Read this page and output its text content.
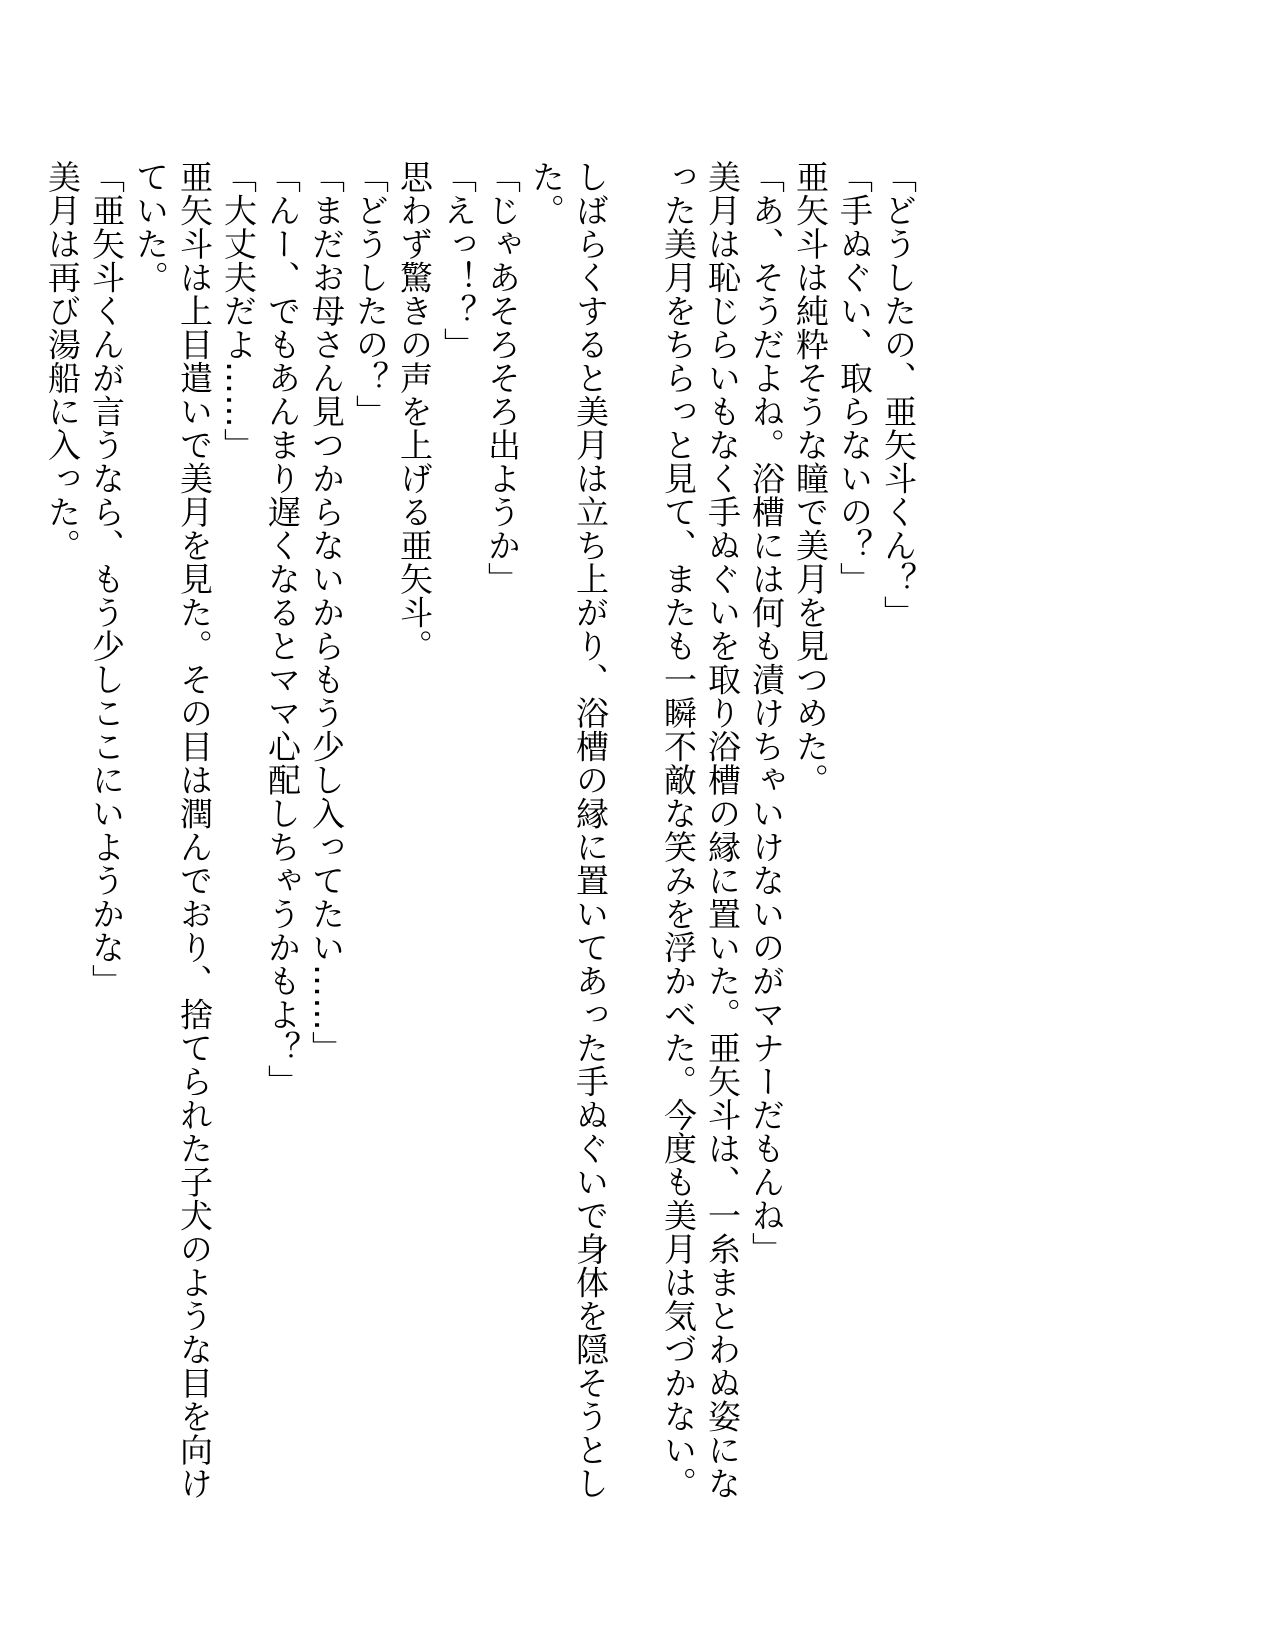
「どうしたの、亜矢斗くん？」
「手ぬぐい、取らないの？」
亜矢斗は純粋そうな瞳で美月を見つめた。
「あ、そうだよね。浴槽には何も漬けちゃいけないのがマナーだもんね」
美月は恥じらいもなく手ぬぐいを取り浴槽の縁に置いた。亜矢斗は、一糸まとわぬ姿になった美月をちらっと見て、またも一瞬不敵な笑みを浮かべた。今度も美月は気づかない。
しばらくすると美月は立ち上がり、浴槽の縁に置いてあった手ぬぐいで身体を隠そうとした。
「じゃあそろそろ出ようか」
「えっ！？」
思わず驚きの声を上げる亜矢斗。
「どうしたの？」
「まだお母さん見つからないからもう少し入ってたい……」
「んー、でもあんまり遅くなるとママ心配しちゃうかもよ？」
「大丈夫だよ……」
亜矢斗は上目遣いで美月を見た。その目は潤んでおり、捨てられた子犬のような目を向けていた。
「亜矢斗くんが言うなら、もう少しここにいようかな」
美月は再び湯船に入った。
